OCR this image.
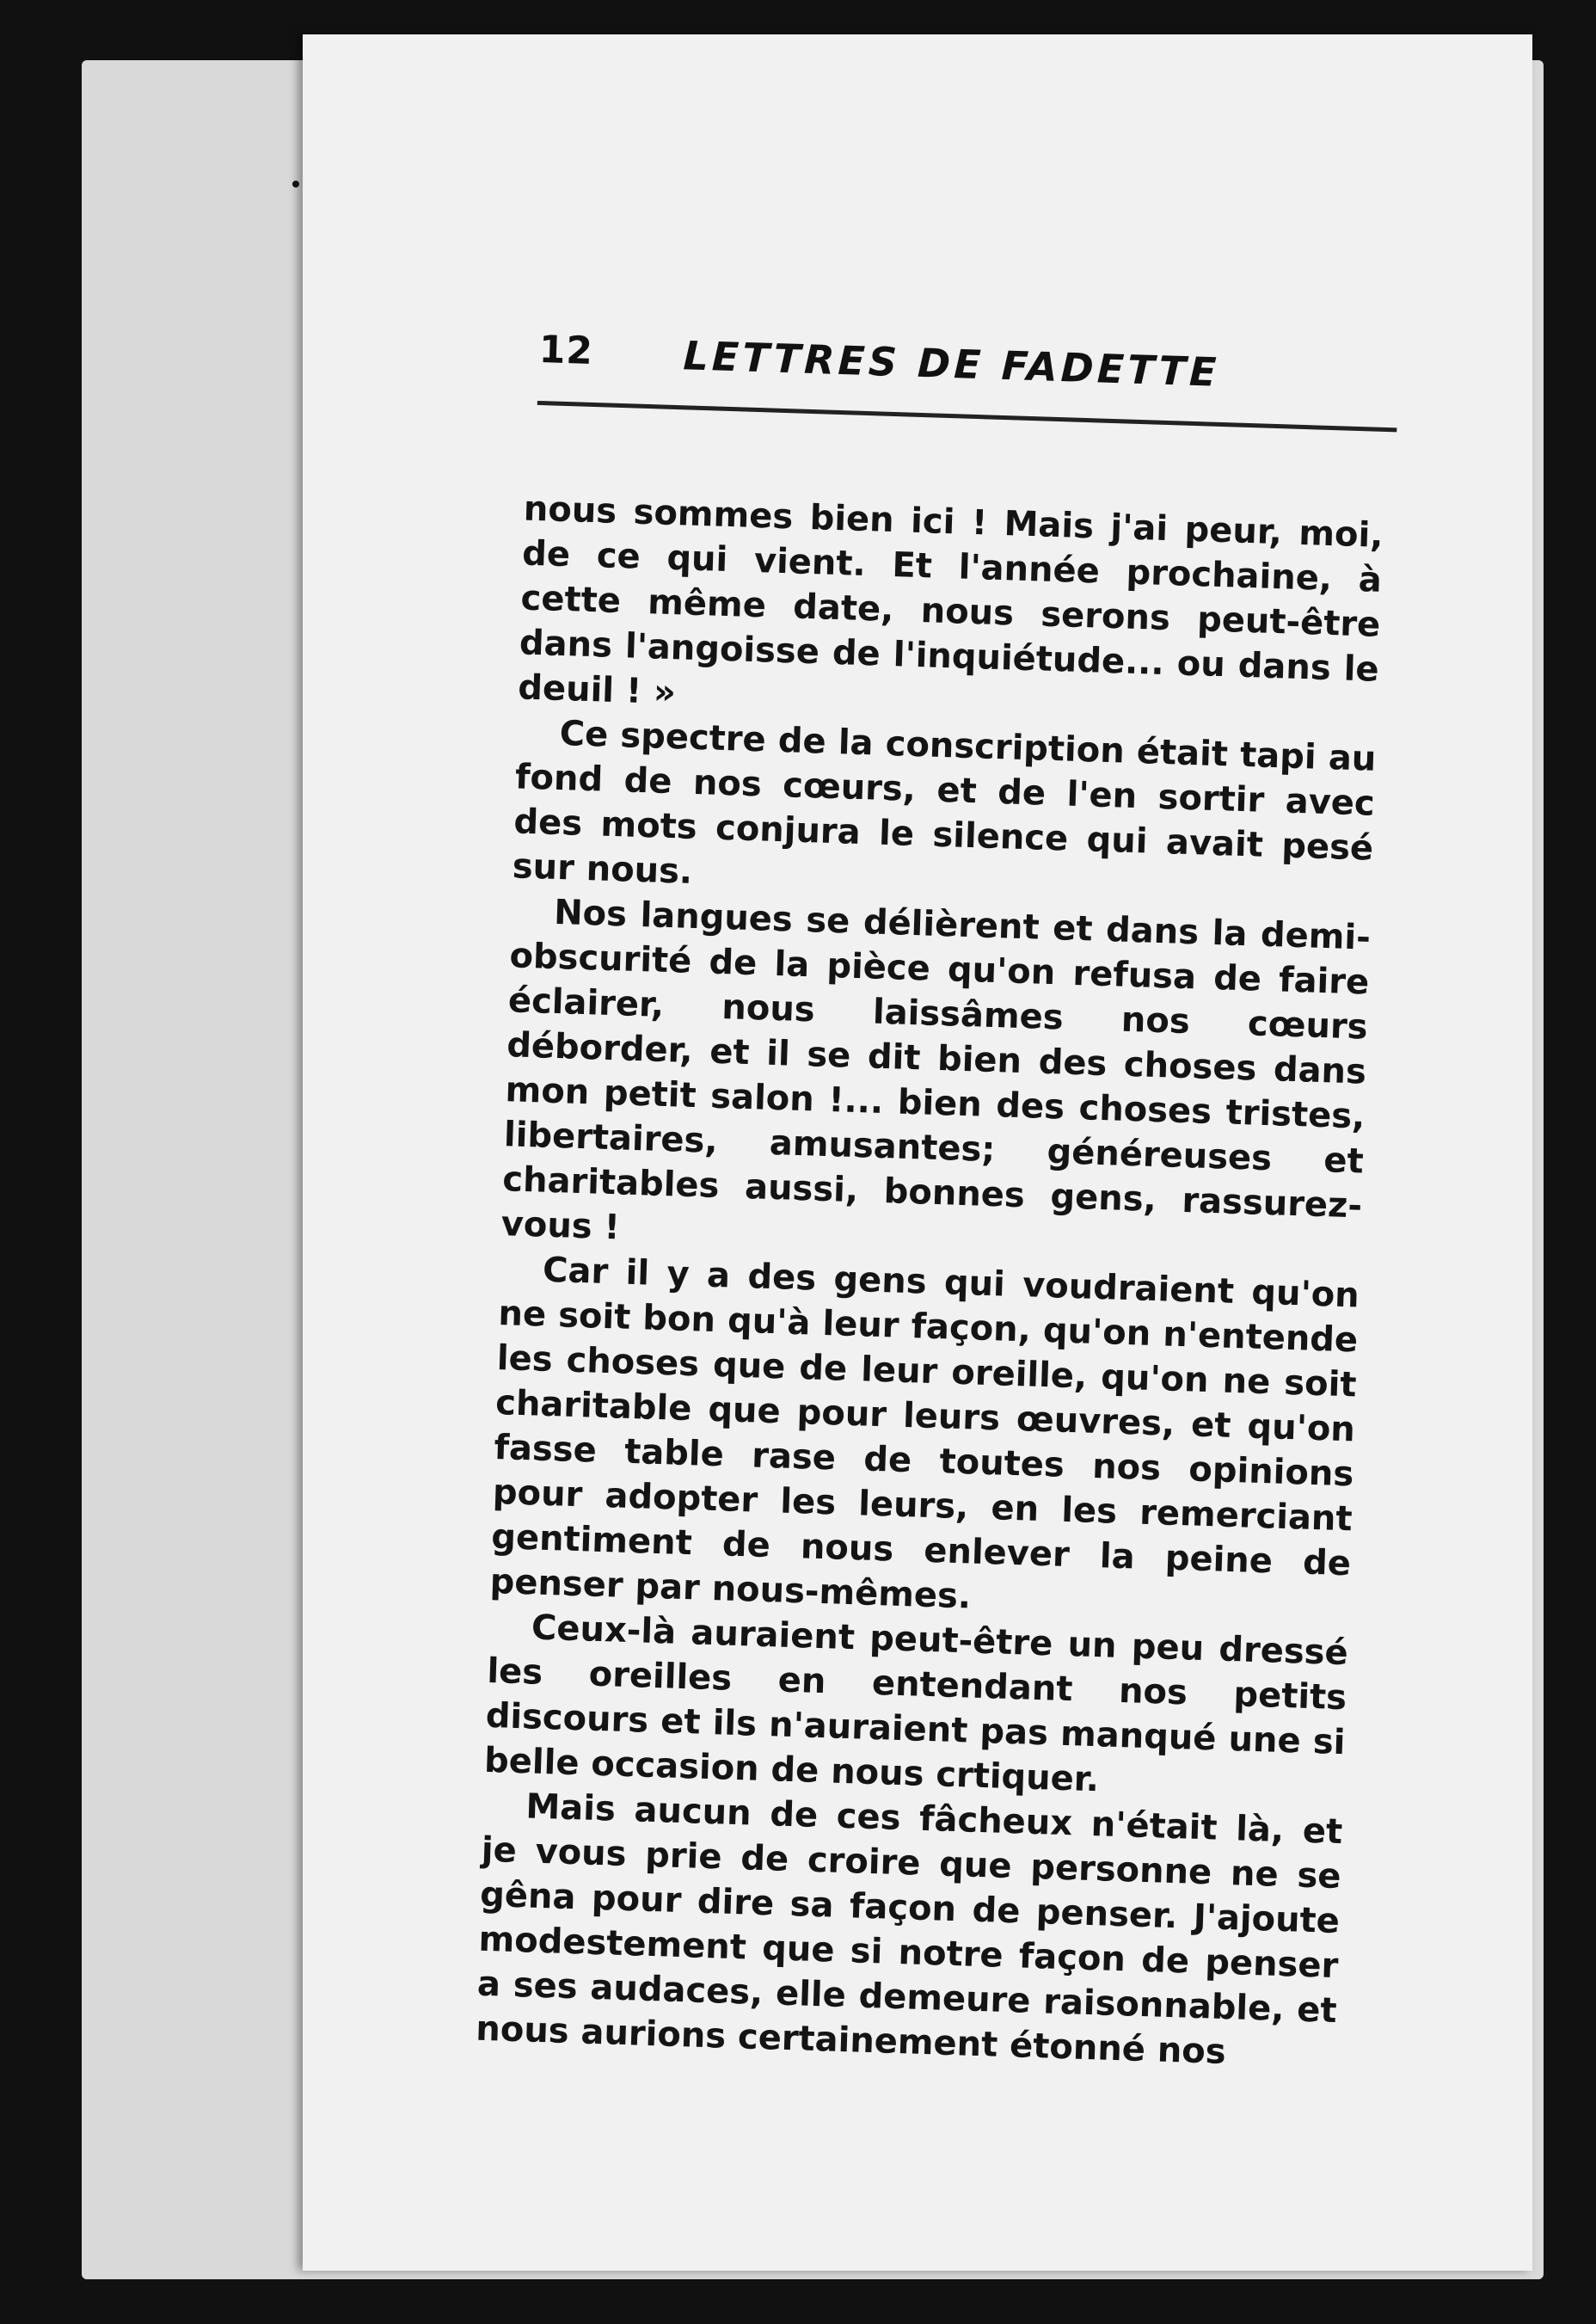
12 LETTRES DE FADETTE

nous sommes bien ici ! Mais j'ai peur, moi, de ce qui vient. Et l'année prochaine, à cette même date, nous serons peut-être dans l'angoisse de l'inquiétude... ou dans le deuil ! »

Ce spectre de la conscription était tapi au fond de nos cœurs, et de l'en sortir avec des mots conjura le silence qui avait pesé sur nous.

Nos langues se délièrent et dans la demi-obscurité de la pièce qu'on refusa de faire éclairer, nous laissâmes nos cœurs déborder, et il se dit bien des choses dans mon petit salon !... bien des choses tristes, libertaires, amusantes; généreuses et charitables aussi, bonnes gens, rassurez-vous !

Car il y a des gens qui voudraient qu'on ne soit bon qu'à leur façon, qu'on n'entende les choses que de leur oreille, qu'on ne soit charitable que pour leurs œuvres, et qu'on fasse table rase de toutes nos opinions pour adopter les leurs, en les remerciant gentiment de nous enlever la peine de penser par nous-mêmes.

Ceux-là auraient peut-être un peu dressé les oreilles en entendant nos petits discours et ils n'auraient pas manqué une si belle occasion de nous crtiquer.

Mais aucun de ces fâcheux n'était là, et je vous prie de croire que personne ne se gêna pour dire sa façon de penser. J'ajoute modestement que si notre façon de penser a ses audaces, elle demeure raisonnable, et nous aurions certainement étonné nos
